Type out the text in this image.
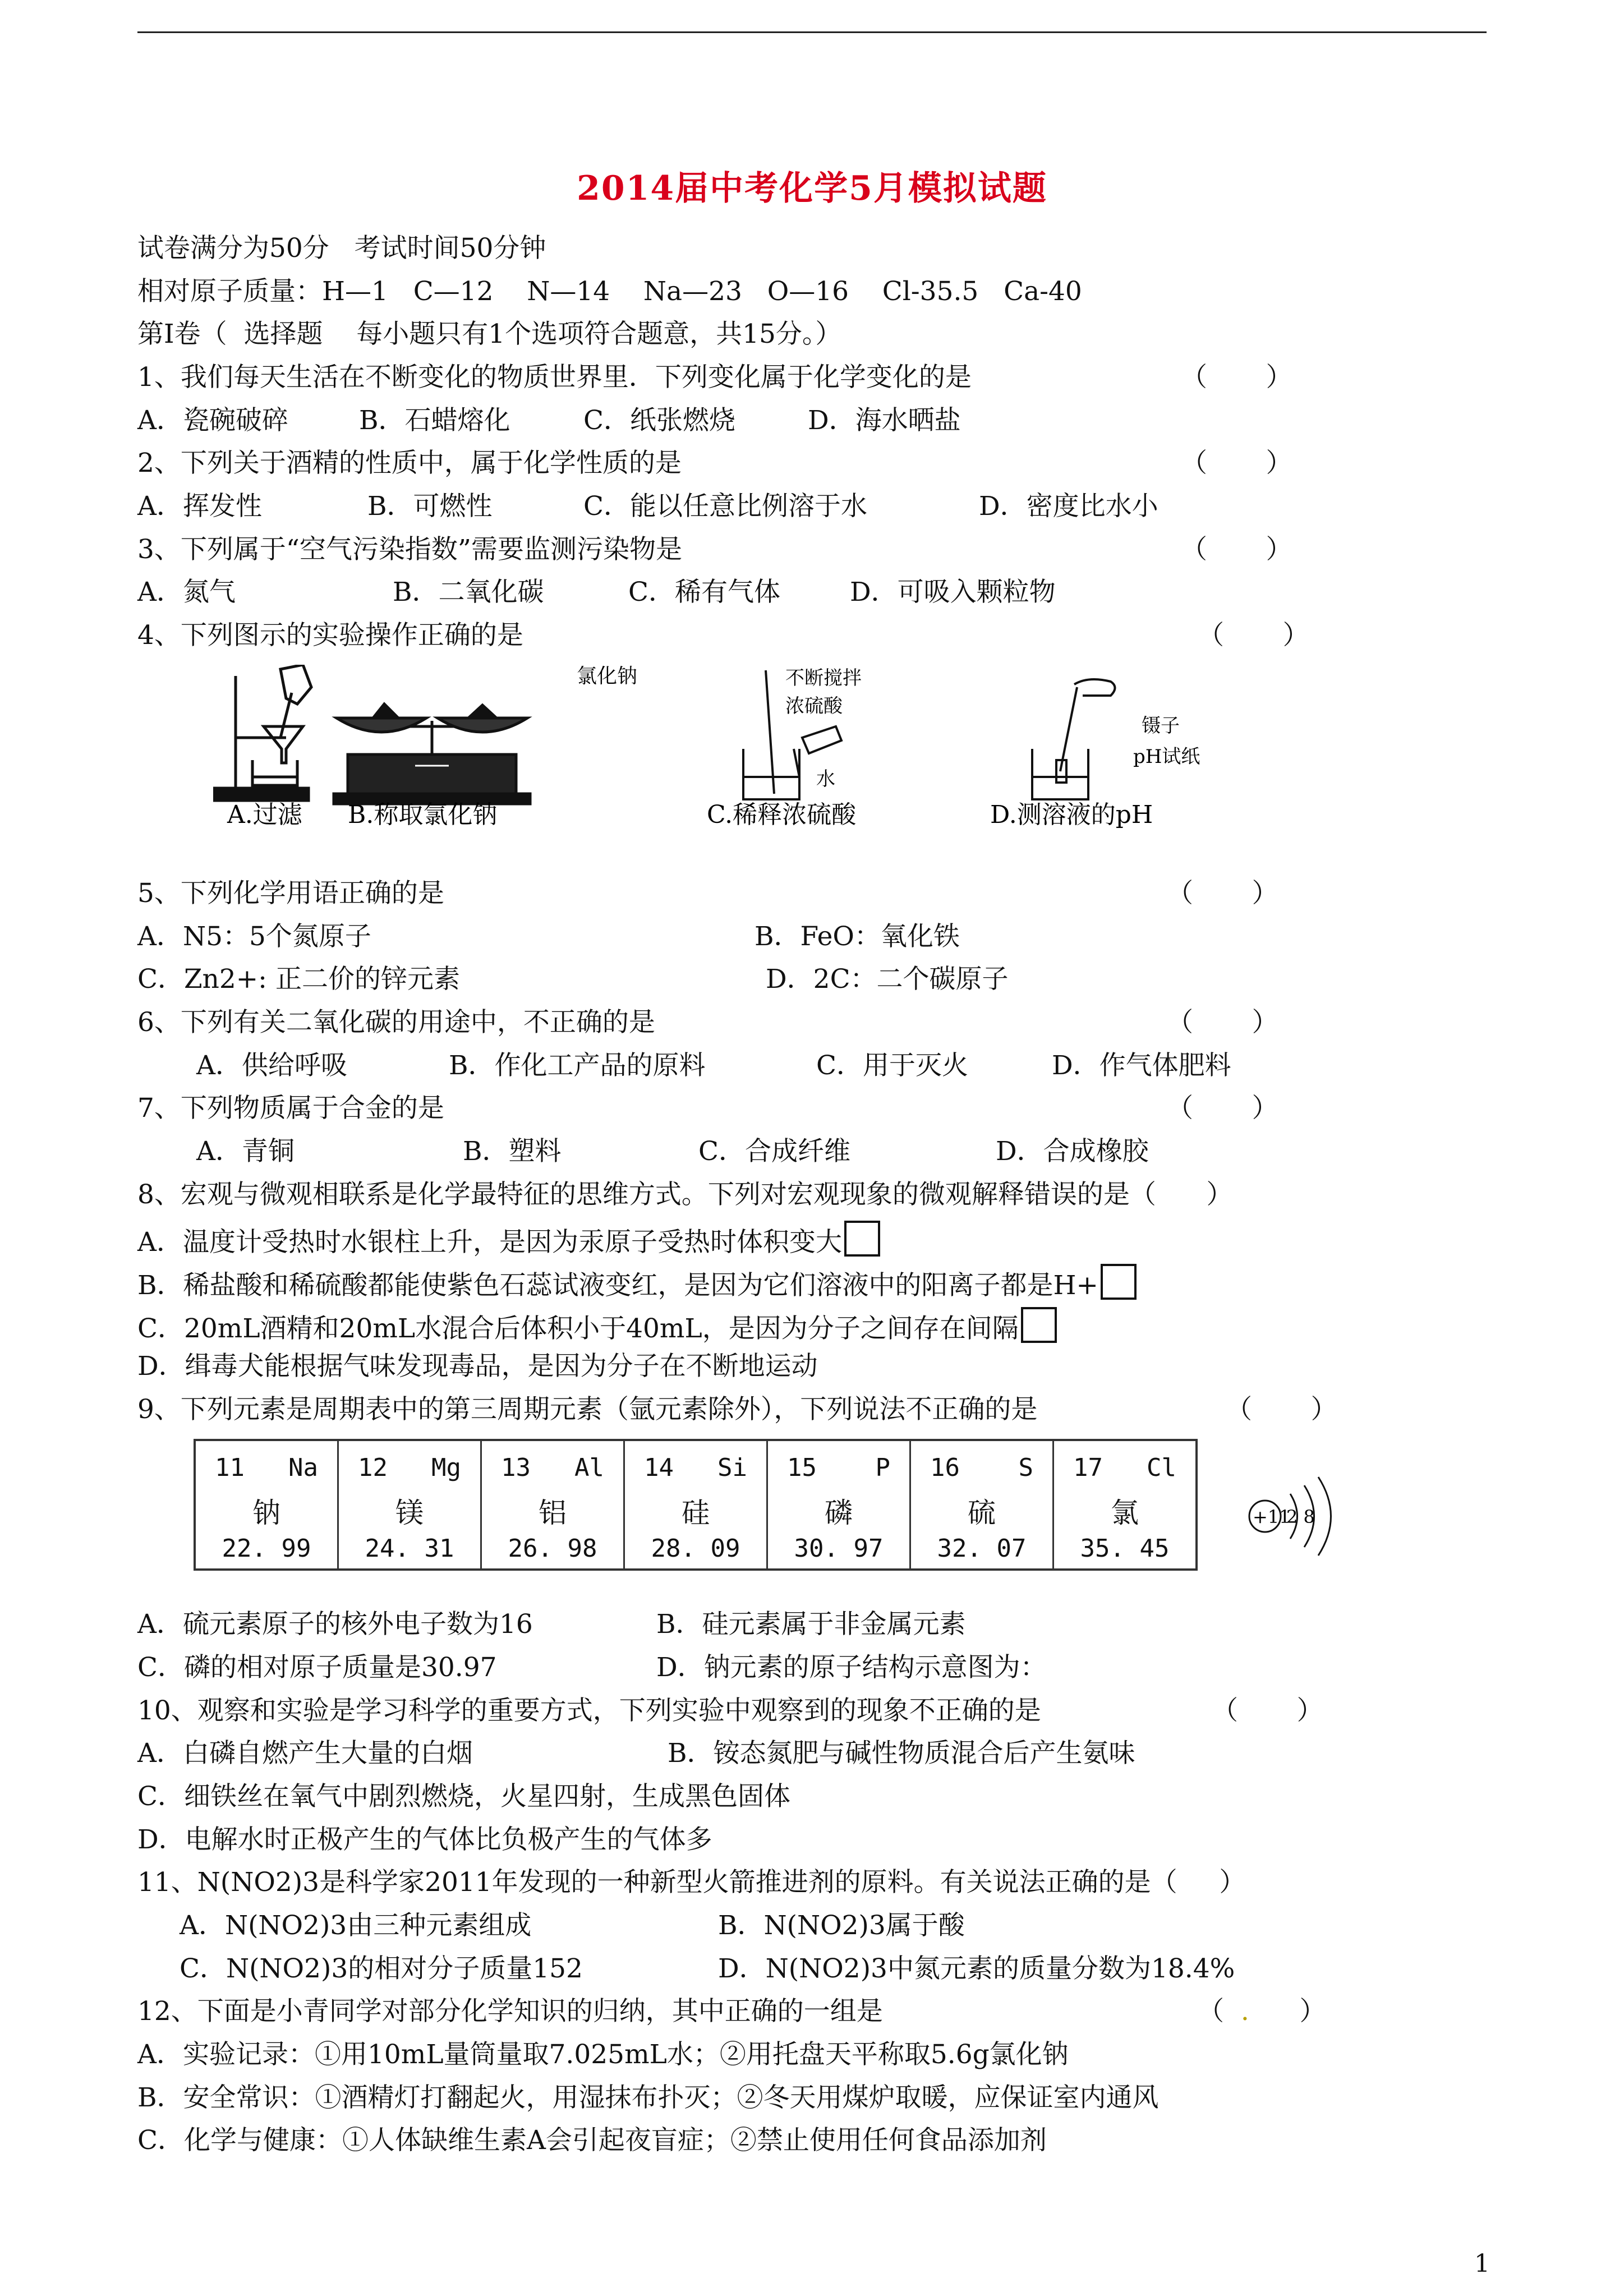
2014届中考化学5月模拟试题
试卷满分为50分   考试时间50分钟
相对原子质量：H—1   C—12    N—14    Na—23   O—16    Cl-35.5   Ca-40
第Ⅰ卷（  选择题    每小题只有1个选项符合题意，共15分。）
1、我们每天生活在不断变化的物质世界里．下列变化属于化学变化的是	（       ）
A．瓷碗破碎	B．石蜡熔化	C．纸张燃烧	D．海水晒盐
2、下列关于酒精的性质中，属于化学性质的是	（       ）
A．挥发性	B．可燃性	C．能以任意比例溶于水	D．密度比水小
3、下列属于“空气污染指数”需要监测污染物是	（       ）
A．氮气	B．二氧化碳	C．稀有气体	D．可吸入颗粒物
4、下列图示的实验操作正确的是	（       ）
A.过滤
氯化钠
B.称取氯化钠
不断搅拌
浓硫酸
水
C.稀释浓硫酸
镊子
pH试纸
D.测溶液的pH
5、下列化学用语正确的是	（       ）
A．N5：5个氮原子	B．FeO：氧化铁
C．Zn2+: 正二价的锌元素	D．2C：二个碳原子
6、下列有关二氧化碳的用途中，不正确的是	（       ）
A．供给呼吸	B．作化工产品的原料	C．用于灭火	D．作气体肥料
7、下列物质属于合金的是	（       ）
A．青铜	B．塑料	C．合成纤维	D．合成橡胶
8、宏观与微观相联系是化学最特征的思维方式。下列对宏观现象的微观解释错误的是（      ）
A．温度计受热时水银柱上升，是因为汞原子受热时体积变大
B．稀盐酸和稀硫酸都能使紫色石蕊试液变红，是因为它们溶液中的阳离子都是H+
C．20mL酒精和20mL水混合后体积小于40mL，是因为分子之间存在间隔
D．缉毒犬能根据气味发现毒品，是因为分子在不断地运动
9、下列元素是周期表中的第三周期元素（氩元素除外），下列说法不正确的是	（       ）
11 Na
钠
22. 99
12 Mg
镁
24. 31
13 Al
铝
26. 98
14 Si
硅
28. 09
15 P
磷
30. 97
16 S
硫
32. 07
17 Cl
氯
35. 45
+11
2 8
A．硫元素原子的核外电子数为16	B．硅元素属于非金属元素
C．磷的相对原子质量是30.97	D．钠元素的原子结构示意图为：
10、观察和实验是学习科学的重要方式，下列实验中观察到的现象不正确的是	（       ）
A．白磷自燃产生大量的白烟	B．铵态氮肥与碱性物质混合后产生氨味
C．细铁丝在氧气中剧烈燃烧，火星四射，生成黑色固体
D．电解水时正极产生的气体比负极产生的气体多
11、N(NO2)3是科学家2011年发现的一种新型火箭推进剂的原料。有关说法正确的是（     ）
A．N(NO2)3由三种元素组成	B．N(NO2)3属于酸
C．N(NO2)3的相对分子质量152	D．N(NO2)3中氮元素的质量分数为18.4%
12、下面是小青同学对部分化学知识的归纳，其中正确的一组是	（  .      ）
A．实验记录：①用10mL量筒量取7.025mL水；②用托盘天平称取5.6g氯化钠
B．安全常识：①酒精灯打翻起火，用湿抹布扑灭；②冬天用煤炉取暖，应保证室内通风
C．化学与健康：①人体缺维生素A会引起夜盲症；②禁止使用任何食品添加剂
1
